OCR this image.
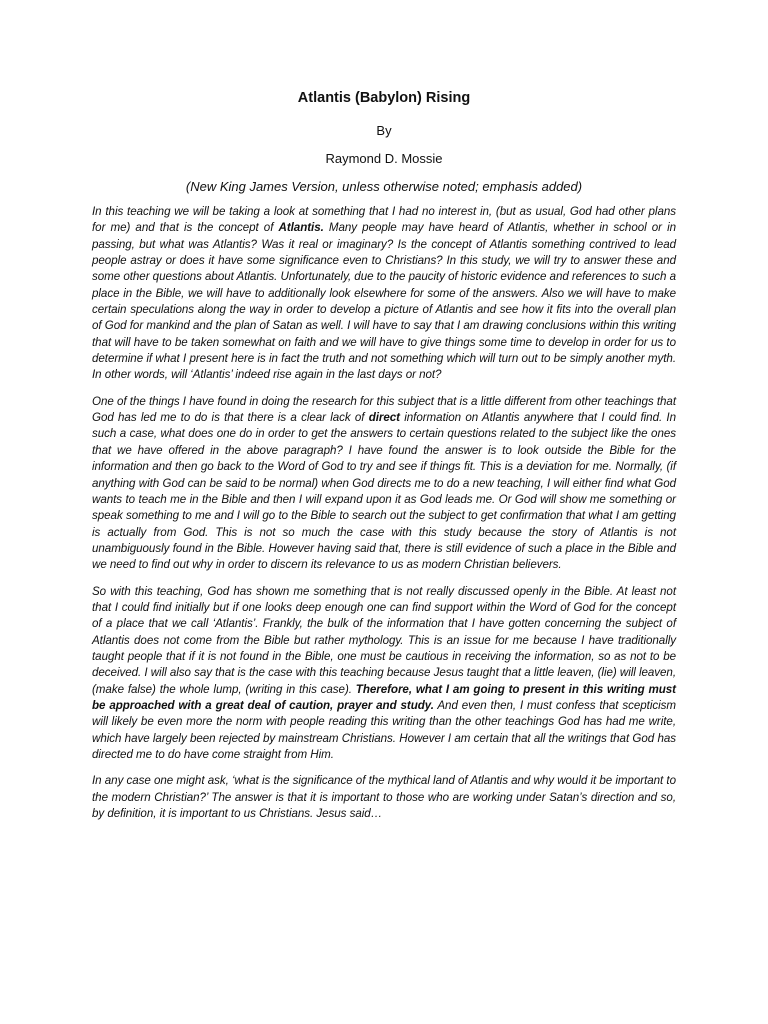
Atlantis (Babylon) Rising
By
Raymond D. Mossie
(New King James Version, unless otherwise noted; emphasis added)

In this teaching we will be taking a look at something that I had no interest in, (but as usual, God had other plans for me) and that is the concept of Atlantis. Many people may have heard of Atlantis, whether in school or in passing, but what was Atlantis? Was it real or imaginary? Is the concept of Atlantis something contrived to lead people astray or does it have some significance even to Christians? In this study, we will try to answer these and some other questions about Atlantis. Unfortunately, due to the paucity of historic evidence and references to such a place in the Bible, we will have to additionally look elsewhere for some of the answers. Also we will have to make certain speculations along the way in order to develop a picture of Atlantis and see how it fits into the overall plan of God for mankind and the plan of Satan as well. I will have to say that I am drawing conclusions within this writing that will have to be taken somewhat on faith and we will have to give things some time to develop in order for us to determine if what I present here is in fact the truth and not something which will turn out to be simply another myth. In other words, will ‘Atlantis’ indeed rise again in the last days or not?

One of the things I have found in doing the research for this subject that is a little different from other teachings that God has led me to do is that there is a clear lack of direct information on Atlantis anywhere that I could find. In such a case, what does one do in order to get the answers to certain questions related to the subject like the ones that we have offered in the above paragraph? I have found the answer is to look outside the Bible for the information and then go back to the Word of God to try and see if things fit. This is a deviation for me. Normally, (if anything with God can be said to be normal) when God directs me to do a new teaching, I will either find what God wants to teach me in the Bible and then I will expand upon it as God leads me. Or God will show me something or speak something to me and I will go to the Bible to search out the subject to get confirmation that what I am getting is actually from God. This is not so much the case with this study because the story of Atlantis is not unambiguously found in the Bible. However having said that, there is still evidence of such a place in the Bible and we need to find out why in order to discern its relevance to us as modern Christian believers.

So with this teaching, God has shown me something that is not really discussed openly in the Bible. At least not that I could find initially but if one looks deep enough one can find support within the Word of God for the concept of a place that we call ‘Atlantis’. Frankly, the bulk of the information that I have gotten concerning the subject of Atlantis does not come from the Bible but rather mythology. This is an issue for me because I have traditionally taught people that if it is not found in the Bible, one must be cautious in receiving the information, so as not to be deceived. I will also say that is the case with this teaching because Jesus taught that a little leaven, (lie) will leaven, (make false) the whole lump, (writing in this case). Therefore, what I am going to present in this writing must be approached with a great deal of caution, prayer and study. And even then, I must confess that scepticism will likely be even more the norm with people reading this writing than the other teachings God has had me write, which have largely been rejected by mainstream Christians. However I am certain that all the writings that God has directed me to do have come straight from Him.

In any case one might ask, ‘what is the significance of the mythical land of Atlantis and why would it be important to the modern Christian?’ The answer is that it is important to those who are working under Satan’s direction and so, by definition, it is important to us Christians. Jesus said…
